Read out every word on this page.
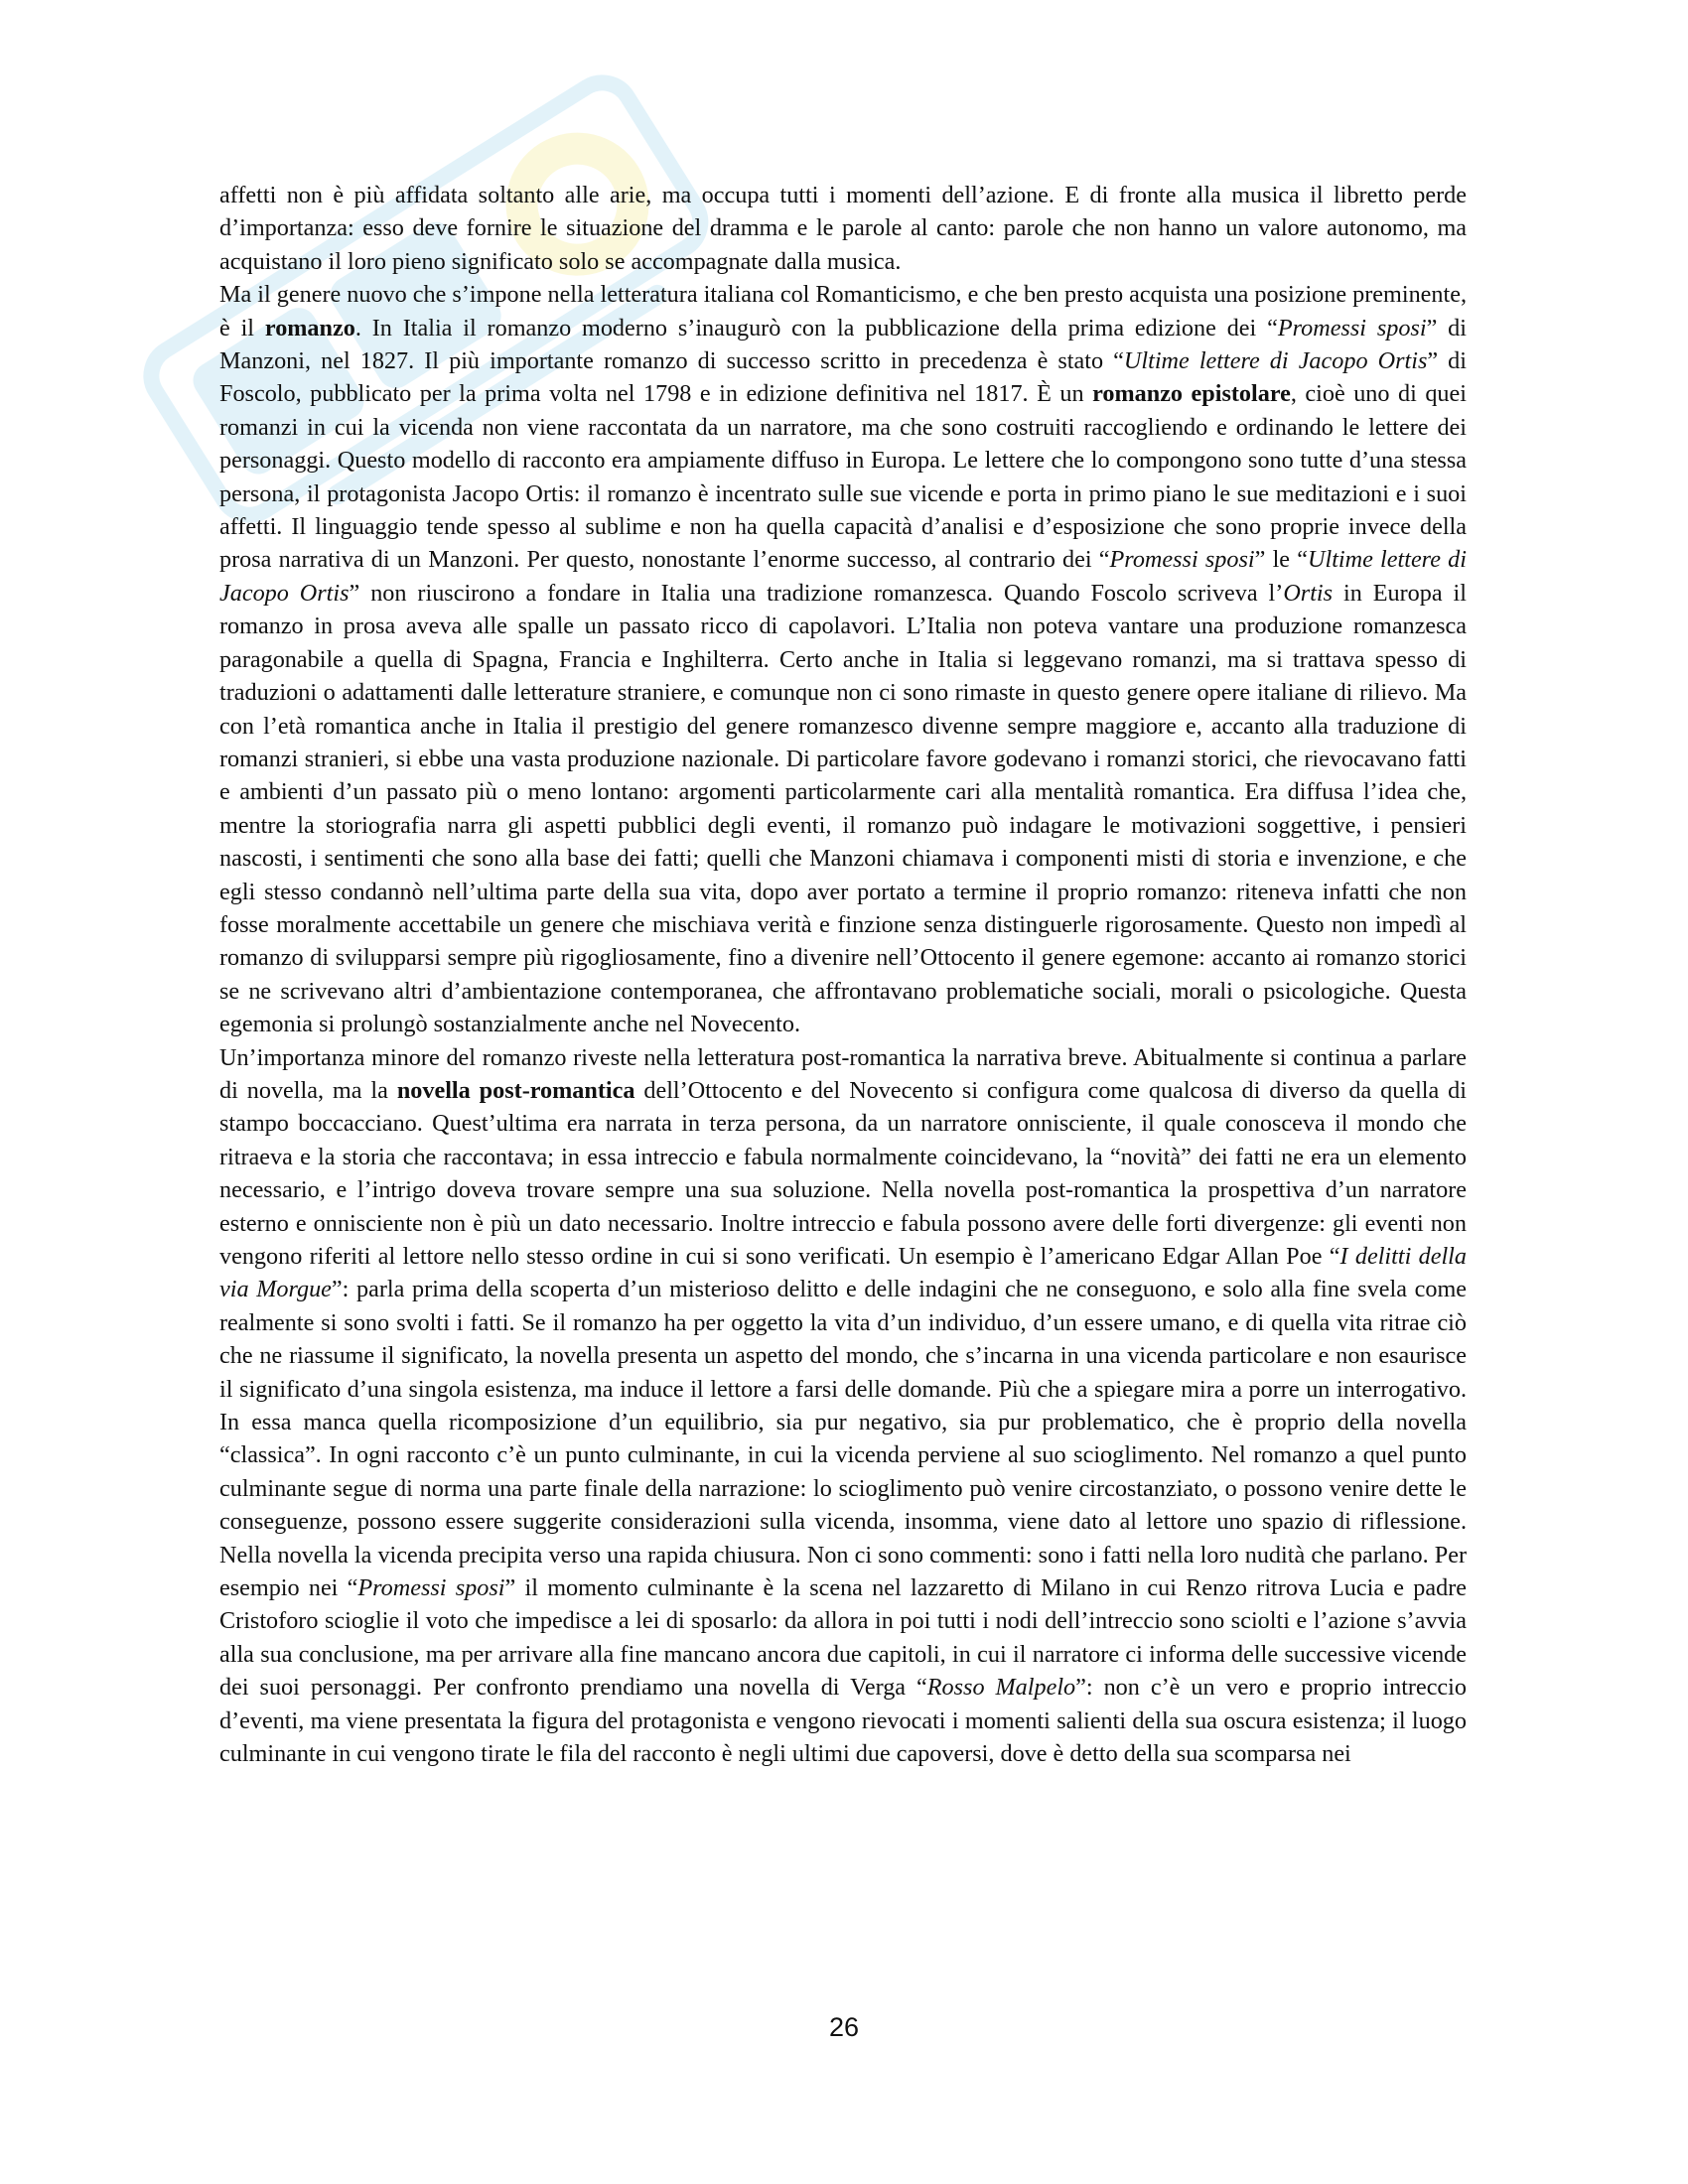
affetti non è più affidata soltanto alle arie, ma occupa tutti i momenti dell’azione. E di fronte alla musica il libretto perde d’importanza: esso deve fornire le situazione del dramma e le parole al canto: parole che non hanno un valore autonomo, ma acquistano il loro pieno significato solo se accompagnate dalla musica.

Ma il genere nuovo che s’impone nella letteratura italiana col Romanticismo, e che ben presto acquista una posizione preminente, è il romanzo. In Italia il romanzo moderno s’inaugurò con la pubblicazione della prima edizione dei “Promessi sposi” di Manzoni, nel 1827. Il più importante romanzo di successo scritto in precedenza è stato “Ultime lettere di Jacopo Ortis” di Foscolo, pubblicato per la prima volta nel 1798 e in edizione definitiva nel 1817. È un romanzo epistolare, cioè uno di quei romanzi in cui la vicenda non viene raccontata da un narratore, ma che sono costruiti raccogliendo e ordinando le lettere dei personaggi. Questo modello di racconto era ampiamente diffuso in Europa. Le lettere che lo compongono sono tutte d’una stessa persona, il protagonista Jacopo Ortis: il romanzo è incentrato sulle sue vicende e porta in primo piano le sue meditazioni e i suoi affetti. Il linguaggio tende spesso al sublime e non ha quella capacità d’analisi e d’esposizione che sono proprie invece della prosa narrativa di un Manzoni. Per questo, nonostante l’enorme successo, al contrario dei “Promessi sposi” le “Ultime lettere di Jacopo Ortis” non riuscirono a fondare in Italia una tradizione romanzesca. Quando Foscolo scriveva l’Ortis in Europa il romanzo in prosa aveva alle spalle un passato ricco di capolavori. L’Italia non poteva vantare una produzione romanzesca paragonabile a quella di Spagna, Francia e Inghilterra. Certo anche in Italia si leggevano romanzi, ma si trattava spesso di traduzioni o adattamenti dalle letterature straniere, e comunque non ci sono rimaste in questo genere opere italiane di rilievo. Ma con l’età romantica anche in Italia il prestigio del genere romanzesco divenne sempre maggiore e, accanto alla traduzione di romanzi stranieri, si ebbe una vasta produzione nazionale. Di particolare favore godevano i romanzi storici, che rievocavano fatti e ambienti d’un passato più o meno lontano: argomenti particolarmente cari alla mentalità romantica. Era diffusa l’idea che, mentre la storiografia narra gli aspetti pubblici degli eventi, il romanzo può indagare le motivazioni soggettive, i pensieri nascosti, i sentimenti che sono alla base dei fatti; quelli che Manzoni chiamava i componenti misti di storia e invenzione, e che egli stesso condannò nell’ultima parte della sua vita, dopo aver portato a termine il proprio romanzo: riteneva infatti che non fosse moralmente accettabile un genere che mischiava verità e finzione senza distinguerle rigorosamente. Questo non impedì al romanzo di svilupparsi sempre più rigogliosamente, fino a divenire nell’Ottocento il genere egemone: accanto ai romanzo storici se ne scrivevano altri d’ambientazione contemporanea, che affrontavano problematiche sociali, morali o psicologiche. Questa egemonia si prolungò sostanzialmente anche nel Novecento.

Un’importanza minore del romanzo riveste nella letteratura post-romantica la narrativa breve. Abitualmente si continua a parlare di novella, ma la novella post-romantica dell’Ottocento e del Novecento si configura come qualcosa di diverso da quella di stampo boccacciano. Quest’ultima era narrata in terza persona, da un narratore onnisciente, il quale conosceva il mondo che ritraeva e la storia che raccontava; in essa intreccio e fabula normalmente coincidevano, la “novità” dei fatti ne era un elemento necessario, e l’intrigo doveva trovare sempre una sua soluzione. Nella novella post-romantica la prospettiva d’un narratore esterno e onnisciente non è più un dato necessario. Inoltre intreccio e fabula possono avere delle forti divergenze: gli eventi non vengono riferiti al lettore nello stesso ordine in cui si sono verificati. Un esempio è l’americano Edgar Allan Poe “I delitti della via Morgue”: parla prima della scoperta d’un misterioso delitto e delle indagini che ne conseguono, e solo alla fine svela come realmente si sono svolti i fatti. Se il romanzo ha per oggetto la vita d’un individuo, d’un essere umano, e di quella vita ritrae ciò che ne riassume il significato, la novella presenta un aspetto del mondo, che s’incarna in una vicenda particolare e non esaurisce il significato d’una singola esistenza, ma induce il lettore a farsi delle domande. Più che a spiegare mira a porre un interrogativo. In essa manca quella ricomposizione d’un equilibrio, sia pur negativo, sia pur problematico, che è proprio della novella “classica”. In ogni racconto c’è un punto culminante, in cui la vicenda perviene al suo scioglimento. Nel romanzo a quel punto culminante segue di norma una parte finale della narrazione: lo scioglimento può venire circostanziato, o possono venire dette le conseguenze, possono essere suggerite considerazioni sulla vicenda, insomma, viene dato al lettore uno spazio di riflessione. Nella novella la vicenda precipita verso una rapida chiusura. Non ci sono commenti: sono i fatti nella loro nudità che parlano. Per esempio nei “Promessi sposi” il momento culminante è la scena nel lazzaretto di Milano in cui Renzo ritrova Lucia e padre Cristoforo scioglie il voto che impedisce a lei di sposarlo: da allora in poi tutti i nodi dell’intreccio sono sciolti e l’azione s’avvia alla sua conclusione, ma per arrivare alla fine mancano ancora due capitoli, in cui il narratore ci informa delle successive vicende dei suoi personaggi. Per confronto prendiamo una novella di Verga “Rosso Malpelo”: non c’è un vero e proprio intreccio d’eventi, ma viene presentata la figura del protagonista e vengono rievocati i momenti salienti della sua oscura esistenza; il luogo culminante in cui vengono tirate le fila del racconto è negli ultimi due capoversi, dove è detto della sua scomparsa nei

26
